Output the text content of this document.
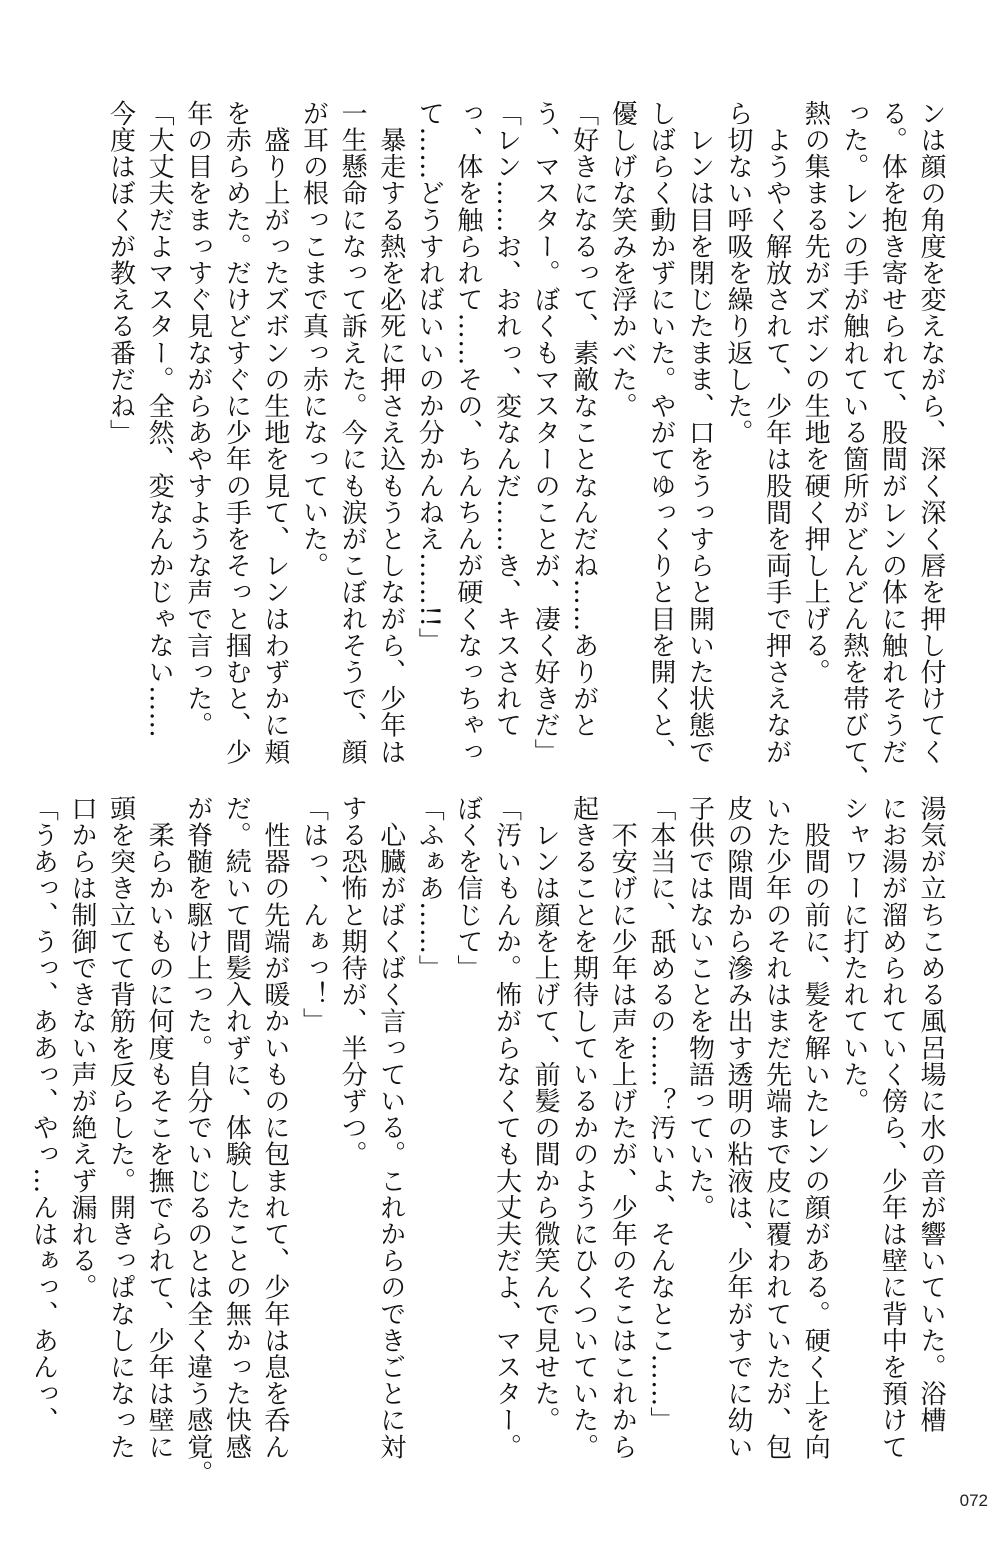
ンは顔の角度を変えながら、深く深く唇を押し付けてく
る。体を抱き寄せられて、股間がレンの体に触れそうだ
った。レンの手が触れている箇所がどんどん熱を帯びて、
熱の集まる先がズボンの生地を硬く押し上げる。
　ようやく解放されて、少年は股間を両手で押さえなが
ら切ない呼吸を繰り返した。
　レンは目を閉じたまま、口をうっすらと開いた状態で
しばらく動かずにいた。やがてゆっくりと目を開くと、
優しげな笑みを浮かべた。
「好きになるって、素敵なことなんだね……ありがと
う、マスター。ぼくもマスターのことが、凄く好きだ」
「レン……お、おれっ、変なんだ……き、キスされて
っ、体を触られて……その、ちんちんが硬くなっちゃっ
て……どうすればいいのか分かんねえ……!!」
　暴走する熱を必死に押さえ込もうとしながら、少年は
一生懸命になって訴えた。今にも涙がこぼれそうで、顔
が耳の根っこまで真っ赤になっていた。
　盛り上がったズボンの生地を見て、レンはわずかに頬
を赤らめた。だけどすぐに少年の手をそっと掴むと、少
年の目をまっすぐ見ながらあやすような声で言った。
「大丈夫だよマスター。全然、変なんかじゃない……
今度はぼくが教える番だね」
湯気が立ちこめる風呂場に水の音が響いていた。浴槽
にお湯が溜められていく傍ら、少年は壁に背中を預けて
シャワーに打たれていた。
　股間の前に、髪を解いたレンの顔がある。硬く上を向
いた少年のそれはまだ先端まで皮に覆われていたが、包
皮の隙間から滲み出す透明の粘液は、少年がすでに幼い
子供ではないことを物語っていた。
「本当に、舐めるの……？汚いよ、そんなとこ……」
　不安げに少年は声を上げたが、少年のそこはこれから
起きることを期待しているかのようにひくついていた。
　レンは顔を上げて、前髪の間から微笑んで見せた。
「汚いもんか。怖がらなくても大丈夫だよ、マスター。
ぼくを信じて」
「ふぁあ……」
　心臓がばくばく言っている。これからのできごとに対
する恐怖と期待が、半分ずつ。
「はっ、んぁっ！」
　性器の先端が暖かいものに包まれて、少年は息を呑ん
だ。続いて間髪入れずに、体験したことの無かった快感
が脊髄を駆け上った。自分でいじるのとは全く違う感覚。
　柔らかいものに何度もそこを撫でられて、少年は壁に
頭を突き立てて背筋を反らした。開きっぱなしになった
口からは制御できない声が絶えず漏れる。
「うあっ、うっ、ああっ、やっ…んはぁっ、あんっ、
072
